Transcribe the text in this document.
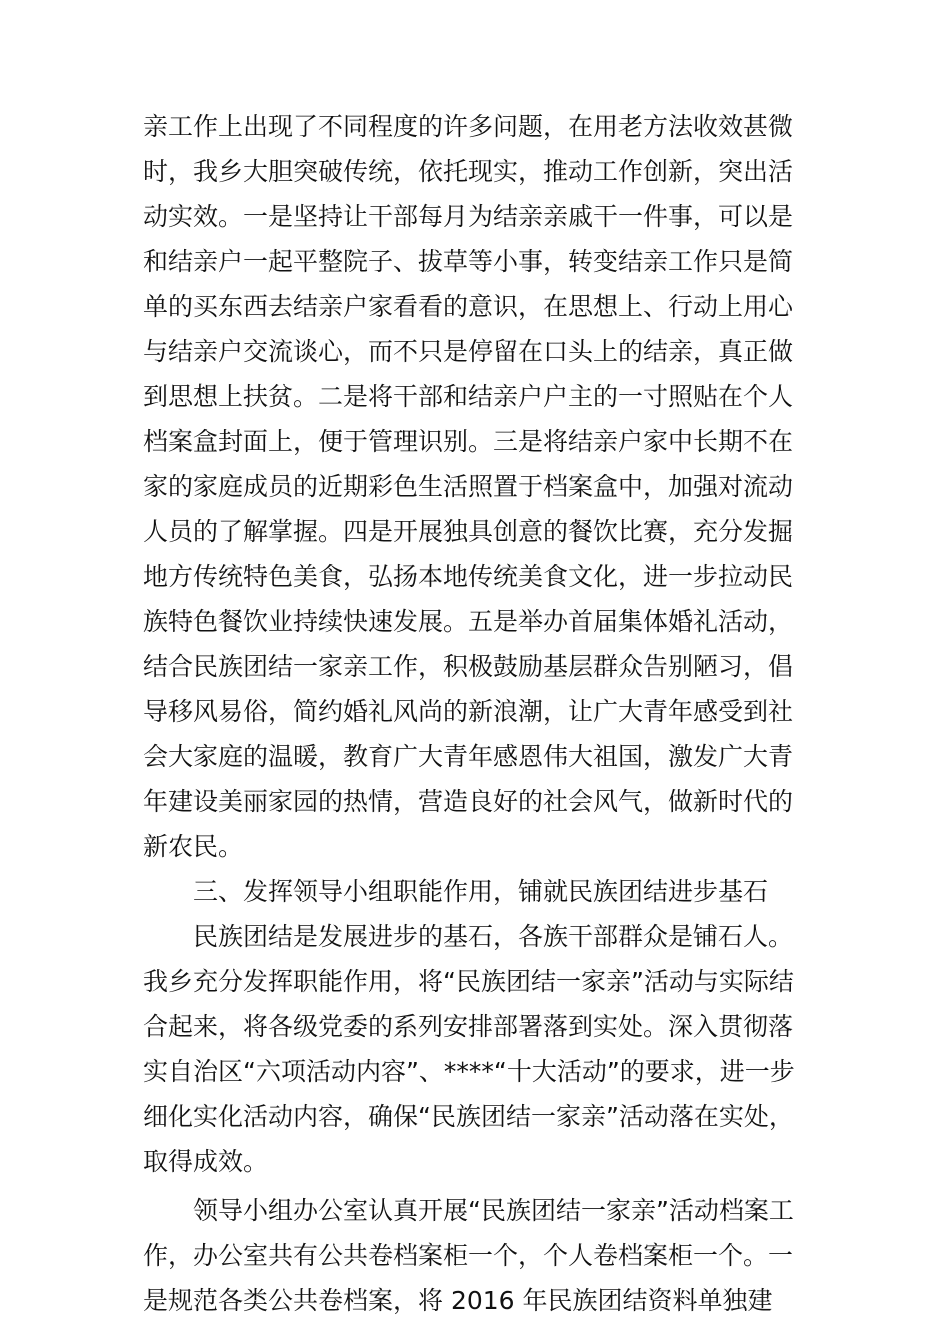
亲工作上出现了不同程度的许多问题，在用老方法收效甚微
时，我乡大胆突破传统，依托现实，推动工作创新，突出活
动实效。一是坚持让干部每月为结亲亲戚干一件事，可以是
和结亲户一起平整院子、拔草等小事，转变结亲工作只是简
单的买东西去结亲户家看看的意识，在思想上、行动上用心
与结亲户交流谈心，而不只是停留在口头上的结亲，真正做
到思想上扶贫。二是将干部和结亲户户主的一寸照贴在个人
档案盒封面上，便于管理识别。三是将结亲户家中长期不在
家的家庭成员的近期彩色生活照置于档案盒中，加强对流动
人员的了解掌握。四是开展独具创意的餐饮比赛，充分发掘
地方传统特色美食，弘扬本地传统美食文化，进一步拉动民
族特色餐饮业持续快速发展。五是举办首届集体婚礼活动，
结合民族团结一家亲工作，积极鼓励基层群众告别陋习，倡
导移风易俗，简约婚礼风尚的新浪潮，让广大青年感受到社
会大家庭的温暖，教育广大青年感恩伟大祖国，激发广大青
年建设美丽家园的热情，营造良好的社会风气，做新时代的
新农民。
三、发挥领导小组职能作用，铺就民族团结进步基石
民族团结是发展进步的基石，各族干部群众是铺石人。
我乡充分发挥职能作用，将“民族团结一家亲”活动与实际结
合起来，将各级党委的系列安排部署落到实处。深入贯彻落
实自治区“六项活动内容”、****“十大活动”的要求，进一步
细化实化活动内容，确保“民族团结一家亲”活动落在实处，
取得成效。
领导小组办公室认真开展“民族团结一家亲”活动档案工
作，办公室共有公共卷档案柜一个，个人卷档案柜一个。一
是规范各类公共卷档案，将 2016 年民族团结资料单独建
